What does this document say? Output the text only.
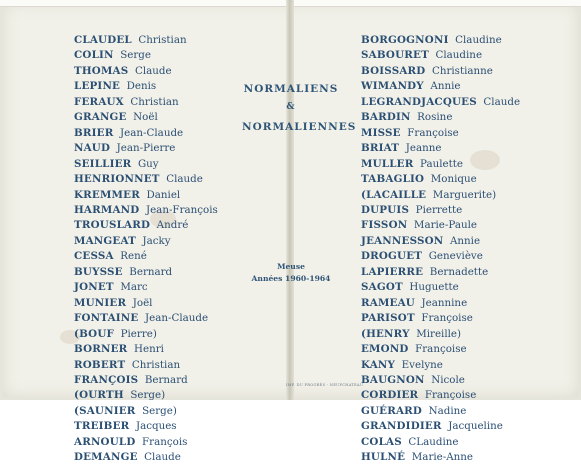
CLAUDEL Christian
COLIN Serge
THOMAS Claude
LEPINE Denis
FERAUX Christian
GRANGE Noël
BRIER Jean-Claude
NAUD Jean-Pierre
SEILLIER Guy
HENRIONNET Claude
KREMMER Daniel
HARMAND Jean-François
TROUSLARD André
MANGEAT Jacky
CESSA René
BUYSSE Bernard
JONET Marc
MUNIER Joël
FONTAINE Jean-Claude
(BOUF Pierre)
BORNER Henri
ROBERT Christian
FRANÇOIS Bernard
(OURTH Serge)
(SAUNIER Serge)
TREIBER Jacques
ARNOULD François
DEMANGE Claude
BORGOGNONI Claudine
SABOURET Claudine
BOISSARD Christianne
WIMANDY Annie
LEGRANDJACQUES Claude
BARDIN Rosine
MISSE Françoise
BRIAT Jeanne
MULLER Paulette
TABAGLIO Monique
(LACAILLE Marguerite)
DUPUIS Pierrette
FISSON Marie-Paule
JEANNESSON Annie
DROGUET Geneviève
LAPIERRE Bernadette
SAGOT Huguette
RAMEAU Jeannine
PARISOT Françoise
(HENRY Mireille)
EMOND Françoise
KANY Evelyne
BAUGNON Nicole
CORDIER Françoise
GUÉRARD Nadine
GRANDIDIER Jacqueline
COLAS CLaudine
HULNÉ Marie-Anne
NORMALIENS
&
NORMALIENNES
Meuse
Années 1960-1964
IMP. DU PROGRÈS - NEUFCHATEAU
